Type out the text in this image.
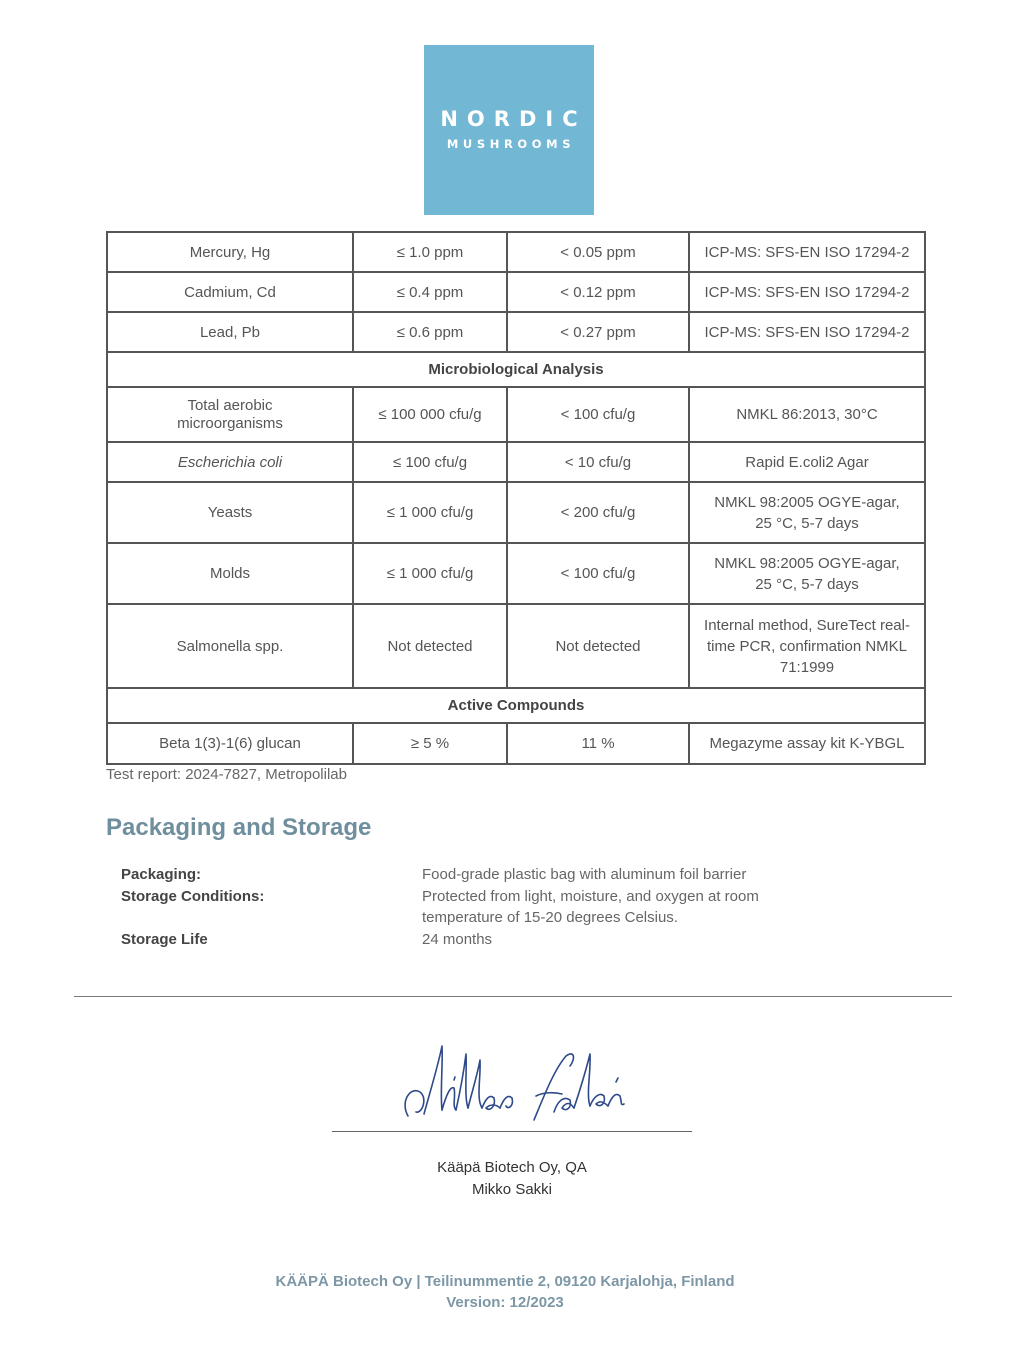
NORDIC
MUSHROOMS
Mercury, Hg	≤ 1.0 ppm	< 0.05 ppm	ICP-MS: SFS-EN ISO 17294-2
Cadmium, Cd	≤ 0.4 ppm	< 0.12 ppm	ICP-MS: SFS-EN ISO 17294-2
Lead, Pb	≤ 0.6 ppm	< 0.27 ppm	ICP-MS: SFS-EN ISO 17294-2
Microbiological Analysis			
Total aerobic microorganisms	≤ 100 000 cfu/g	< 100 cfu/g	NMKL 86:2013, 30°C
Escherichia coli	≤ 100 cfu/g	< 10 cfu/g	Rapid E.coli2 Agar
Yeasts	≤ 1 000 cfu/g	< 200 cfu/g	NMKL 98:2005 OGYE-agar, 25 °C, 5-7 days
Molds	≤ 1 000 cfu/g	< 100 cfu/g	NMKL 98:2005 OGYE-agar, 25 °C, 5-7 days
Salmonella spp.	Not detected	Not detected	Internal method, SureTect real-time PCR, confirmation NMKL 71:1999
Active Compounds			
Beta 1(3)-1(6) glucan	≥ 5 %	11 %	Megazyme assay kit K-YBGL
Test report: 2024-7827, Metropolilab
Packaging and Storage
Packaging:	Food-grade plastic bag with aluminum foil barrier
Storage Conditions:	Protected from light, moisture, and oxygen at room
temperature of 15-20 degrees Celsius.
Storage Life	24 months
Kääpä Biotech Oy, QA
Mikko Sakki
KÄÄPÄ Biotech Oy | Teilinummentie 2, 09120 Karjalohja, Finland
Version: 12/2023
